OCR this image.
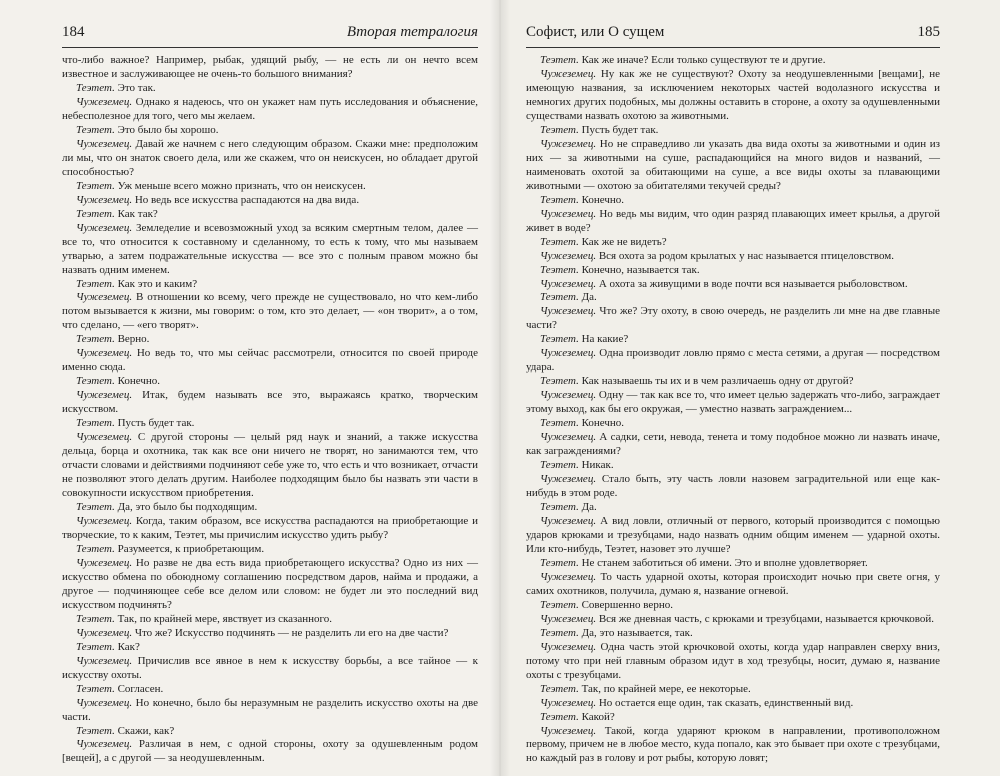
184	Вторая тетралогия

что-либо важное? Например, рыбак, удящий рыбу, — не есть ли он нечто всем известное и заслуживающее не очень-то большого внимания?

Теэтет. Это так.

Чужеземец. Однако я надеюсь, что он укажет нам путь исследования и объяснение, небесполезное для того, чего мы желаем.

Теэтет. Это было бы хорошо.

Чужеземец. Давай же начнем с него следующим образом. Скажи мне: предположим ли мы, что он знаток своего дела, или же скажем, что он неискусен, но обладает другой способностью?

Теэтет. Уж меньше всего можно признать, что он неискусен.

Чужеземец. Но ведь все искусства распадаются на два вида.

Теэтет. Как так?

Чужеземец. Земледелие и всевозможный уход за всяким смертным телом, далее — все то, что относится к составному и сделанному, то есть к тому, что мы называем утварью, а затем подражательные искусства — все это с полным правом можно бы назвать одним именем.

Теэтет. Как это и каким?

Чужеземец. В отношении ко всему, чего прежде не существовало, но что кем-либо потом вызывается к жизни, мы говорим: о том, кто это делает, — «он творит», а о том, что сделано, — «его творят».

Теэтет. Верно.

Чужеземец. Но ведь то, что мы сейчас рассмотрели, относится по своей природе именно сюда.

Теэтет. Конечно.

Чужеземец. Итак, будем называть все это, выражаясь кратко, творческим искусством.

Теэтет. Пусть будет так.

Чужеземец. С другой стороны — целый ряд наук и знаний, а также искусства дельца, борца и охотника, так как все они ничего не творят, но занимаются тем, что отчасти словами и действиями подчиняют себе уже то, что есть и что возникает, отчасти не позволяют этого делать другим. Наиболее подходящим было бы назвать эти части в совокупности искусством приобретения.

Теэтет. Да, это было бы подходящим.

Чужеземец. Когда, таким образом, все искусства распадаются на приобретающие и творческие, то к каким, Теэтет, мы причислим искусство удить рыбу?

Теэтет. Разумеется, к приобретающим.

Чужеземец. Но разве не два есть вида приобретающего искусства? Одно из них — искусство обмена по обоюдному соглашению посредством даров, найма и продажи, а другое — подчиняющее себе все делом или словом: не будет ли это последний вид искусством подчинять?

Теэтет. Так, по крайней мере, явствует из сказанного.

Чужеземец. Что же? Искусство подчинять — не разделить ли его на две части?

Теэтет. Как?

Чужеземец. Причислив все явное в нем к искусству борьбы, а все тайное — к искусству охоты.

Теэтет. Согласен.

Чужеземец. Но конечно, было бы неразумным не разделить искусство охоты на две части.

Теэтет. Скажи, как?

Чужеземец. Различая в нем, с одной стороны, охоту за одушевленным родом [вещей], а с другой — за неодушевленным.

Софист, или О сущем	185

Теэтет. Как же иначе? Если только существуют те и другие.

Чужеземец. Ну как же не существуют? Охоту за неодушевленными [вещами], не имеющую названия, за исключением некоторых частей водолазного искусства и немногих других подобных, мы должны оставить в стороне, а охоту за одушевленными существами назвать охотою за животными.

Теэтет. Пусть будет так.

Чужеземец. Но не справедливо ли указать два вида охоты за животными и один из них — за животными на суше, распадающийся на много видов и названий, — наименовать охотой за обитающими на суше, а все виды охоты за плавающими животными — охотою за обитателями текучей среды?

Теэтет. Конечно.

Чужеземец. Но ведь мы видим, что один разряд плавающих имеет крылья, а другой живет в воде?

Теэтет. Как же не видеть?

Чужеземец. Вся охота за родом крылатых у нас называется птицеловством.

Теэтет. Конечно, называется так.

Чужеземец. А охота за живущими в воде почти вся называется рыболовством.

Теэтет. Да.

Чужеземец. Что же? Эту охоту, в свою очередь, не разделить ли мне на две главные части?

Теэтет. На какие?

Чужеземец. Одна производит ловлю прямо с места сетями, а другая — посредством удара.

Теэтет. Как называешь ты их и в чем различаешь одну от другой?

Чужеземец. Одну — так как все то, что имеет целью задержать что-либо, заграждает этому выход, как бы его окружая, — уместно назвать заграждением...

Теэтет. Конечно.

Чужеземец. А садки, сети, невода, тенета и тому подобное можно ли назвать иначе, как заграждениями?

Теэтет. Никак.

Чужеземец. Стало быть, эту часть ловли назовем заградительной или еще как-нибудь в этом роде.

Теэтет. Да.

Чужеземец. А вид ловли, отличный от первого, который производится с помощью ударов крюками и трезубцами, надо назвать одним общим именем — ударной охоты. Или кто-нибудь, Теэтет, назовет это лучше?

Теэтет. Не станем заботиться об имени. Это и вполне удовлетворяет.

Чужеземец. То часть ударной охоты, которая происходит ночью при свете огня, у самих охотников, получила, думаю я, название огневой.

Теэтет. Совершенно верно.

Чужеземец. Вся же дневная часть, с крюками и трезубцами, называется крючковой.

Теэтет. Да, это называется, так.

Чужеземец. Одна часть этой крючковой охоты, когда удар направлен сверху вниз, потому что при ней главным образом идут в ход трезубцы, носит, думаю я, название охоты с трезубцами.

Теэтет. Так, по крайней мере, ее некоторые.

Чужеземец. Но остается еще один, так сказать, единственный вид.

Теэтет. Какой?

Чужеземец. Такой, когда ударяют крюком в направлении, противоположном первому, причем не в любое место, куда попало, как это бывает при охоте с трезубцами, но каждый раз в голову и рот рыбы, которую ловят;
